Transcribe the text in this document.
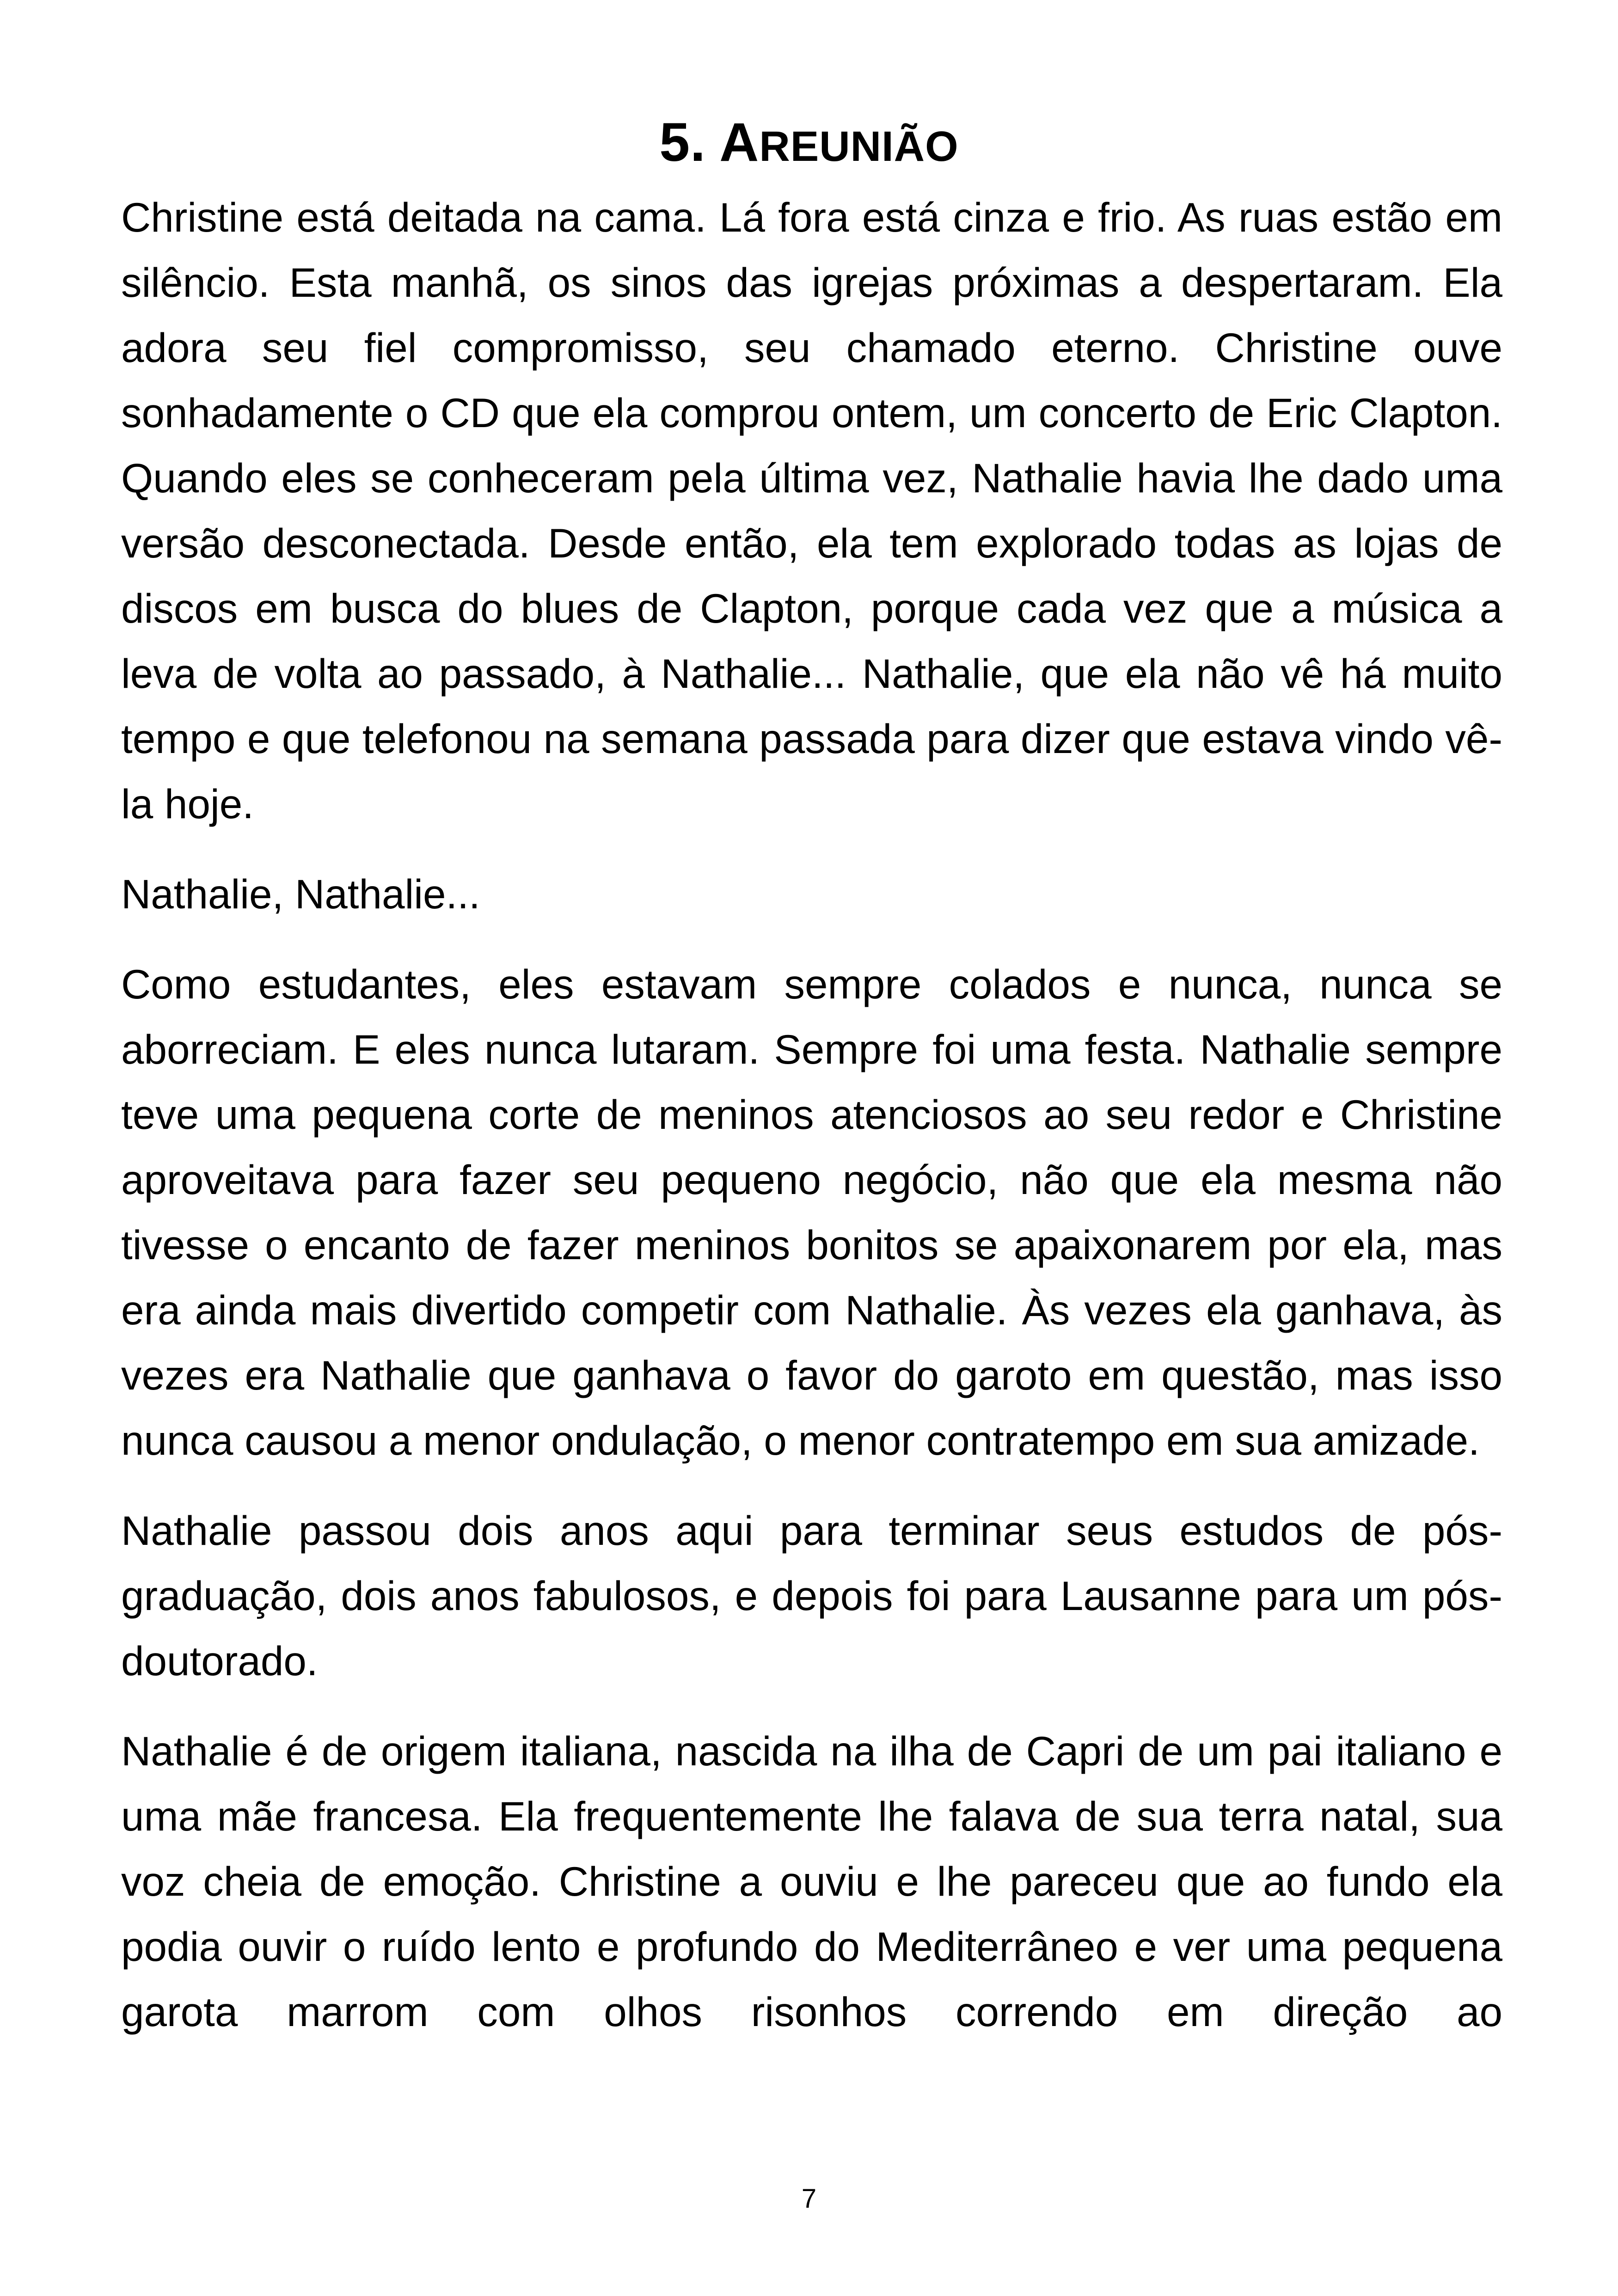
5. AREUNIÃO

Christine está deitada na cama. Lá fora está cinza e frio. As ruas estão em silêncio. Esta manhã, os sinos das igrejas próximas a despertaram. Ela adora seu fiel compromisso, seu chamado eterno. Christine ouve sonhadamente o CD que ela comprou ontem, um concerto de Eric Clapton. Quando eles se conheceram pela última vez, Nathalie havia lhe dado uma versão desconectada. Desde então, ela tem explorado todas as lojas de discos em busca do blues de Clapton, porque cada vez que a música a leva de volta ao passado, à Nathalie... Nathalie, que ela não vê há muito tempo e que telefonou na semana passada para dizer que estava vindo vê-la hoje.

Nathalie, Nathalie...

Como estudantes, eles estavam sempre colados e nunca, nunca se aborreciam. E eles nunca lutaram. Sempre foi uma festa. Nathalie sempre teve uma pequena corte de meninos atenciosos ao seu redor e Christine aproveitava para fazer seu pequeno negócio, não que ela mesma não tivesse o encanto de fazer meninos bonitos se apaixonarem por ela, mas era ainda mais divertido competir com Nathalie. Às vezes ela ganhava, às vezes era Nathalie que ganhava o favor do garoto em questão, mas isso nunca causou a menor ondulação, o menor contratempo em sua amizade.

Nathalie passou dois anos aqui para terminar seus estudos de pós-graduação, dois anos fabulosos, e depois foi para Lausanne para um pós-doutorado.

Nathalie é de origem italiana, nascida na ilha de Capri de um pai italiano e uma mãe francesa. Ela frequentemente lhe falava de sua terra natal, sua voz cheia de emoção. Christine a ouviu e lhe pareceu que ao fundo ela podia ouvir o ruído lento e profundo do Mediterrâneo e ver uma pequena garota marrom com olhos risonhos correndo em direção ao

7
